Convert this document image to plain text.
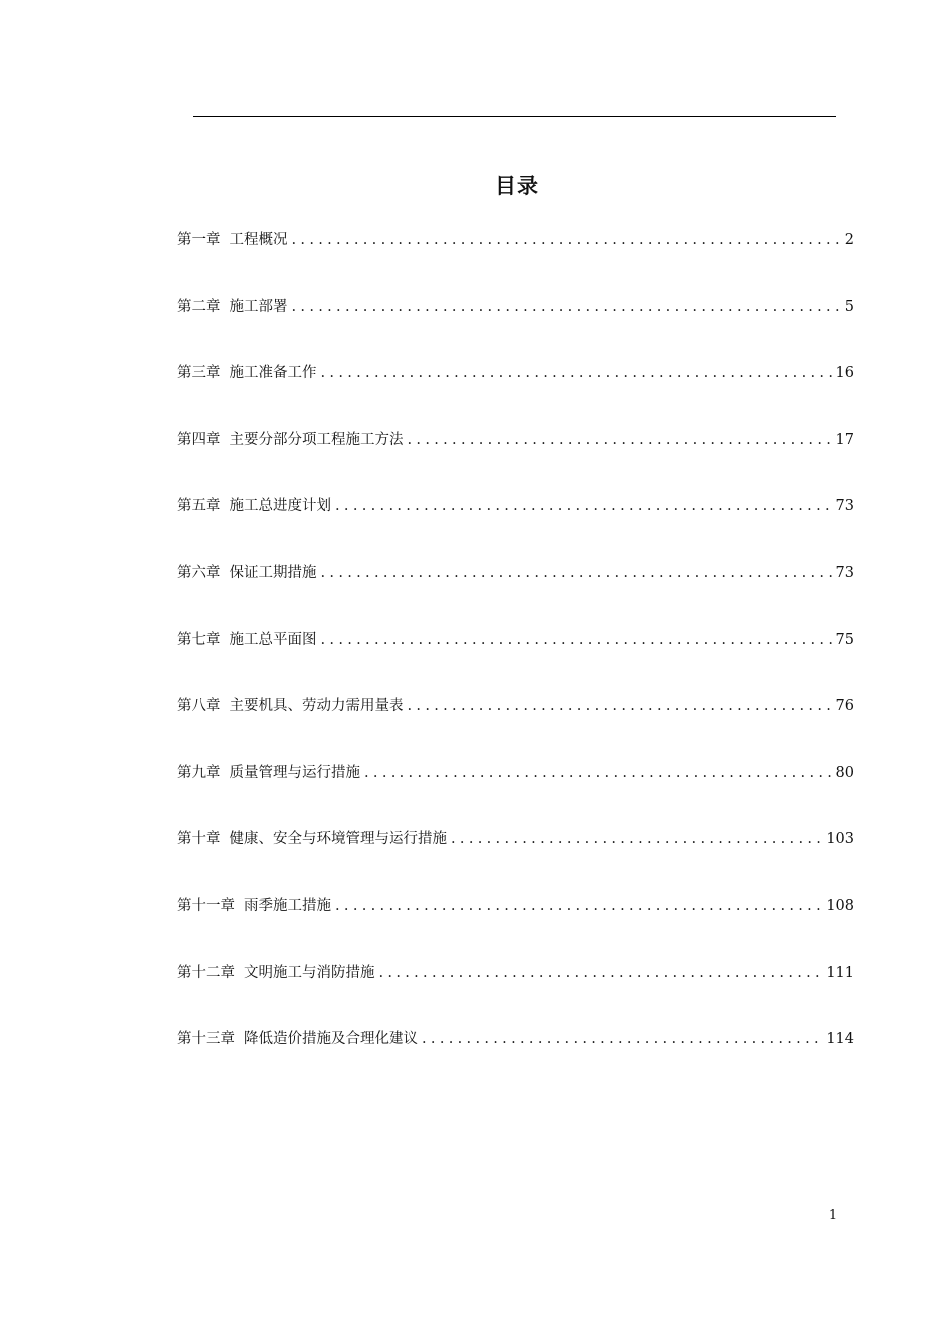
目录
第一章 工程概况 .....	2
第二章 施工部署 .....	5
第三章 施工准备工作 .....	16
第四章 主要分部分项工程施工方法 .....	17
第五章 施工总进度计划 .....	73
第六章 保证工期措施 .....	73
第七章 施工总平面图 .....	75
第八章 主要机具、劳动力需用量表 .....	76
第九章 质量管理与运行措施 .....	80
第十章 健康、安全与环境管理与运行措施 .....	103
第十一章 雨季施工措施 .....	108
第十二章 文明施工与消防措施 .....	111
第十三章 降低造价措施及合理化建议 .....	114
1
